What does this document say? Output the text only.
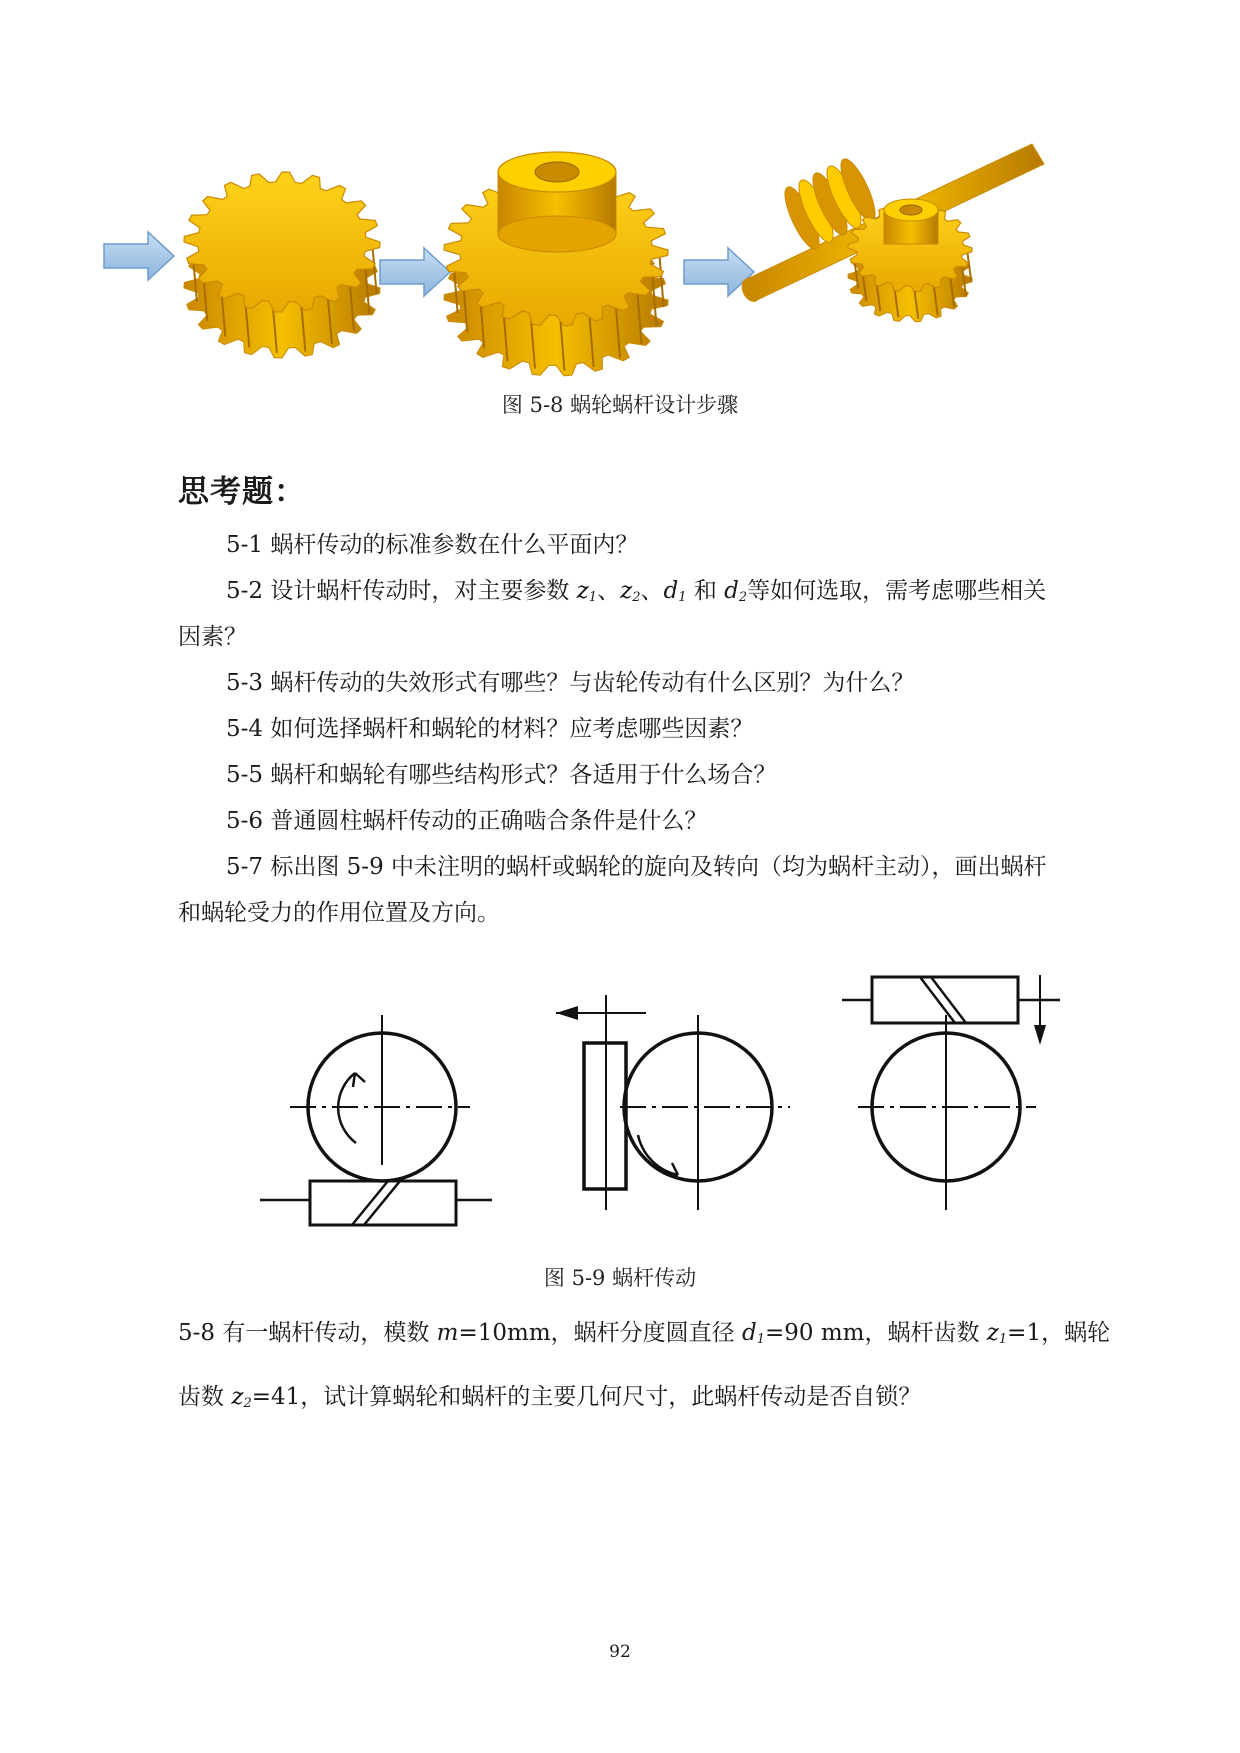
图 5-8 蜗轮蜗杆设计步骤
思考题：
5-1 蜗杆传动的标准参数在什么平面内？
5-2 设计蜗杆传动时，对主要参数 $z_1$、$z_2$、$d_1$ 和 $d_2$等如何选取，需考虑哪些相关
因素？
5-3 蜗杆传动的失效形式有哪些？与齿轮传动有什么区别？为什么？
5-4 如何选择蜗杆和蜗轮的材料？应考虑哪些因素？
5-5 蜗杆和蜗轮有哪些结构形式？各适用于什么场合？
5-6 普通圆柱蜗杆传动的正确啮合条件是什么？
5-7 标出图 5-9 中未注明的蜗杆或蜗轮的旋向及转向（均为蜗杆主动），画出蜗杆
和蜗轮受力的作用位置及方向。
图 5-9 蜗杆传动
5-8 有一蜗杆传动，模数 m=10mm，蜗杆分度圆直径 $d_1=90$ mm，蜗杆齿数 $z_1=1$，蜗轮
齿数 $z_2=41$，试计算蜗轮和蜗杆的主要几何尺寸，此蜗杆传动是否自锁？
92
